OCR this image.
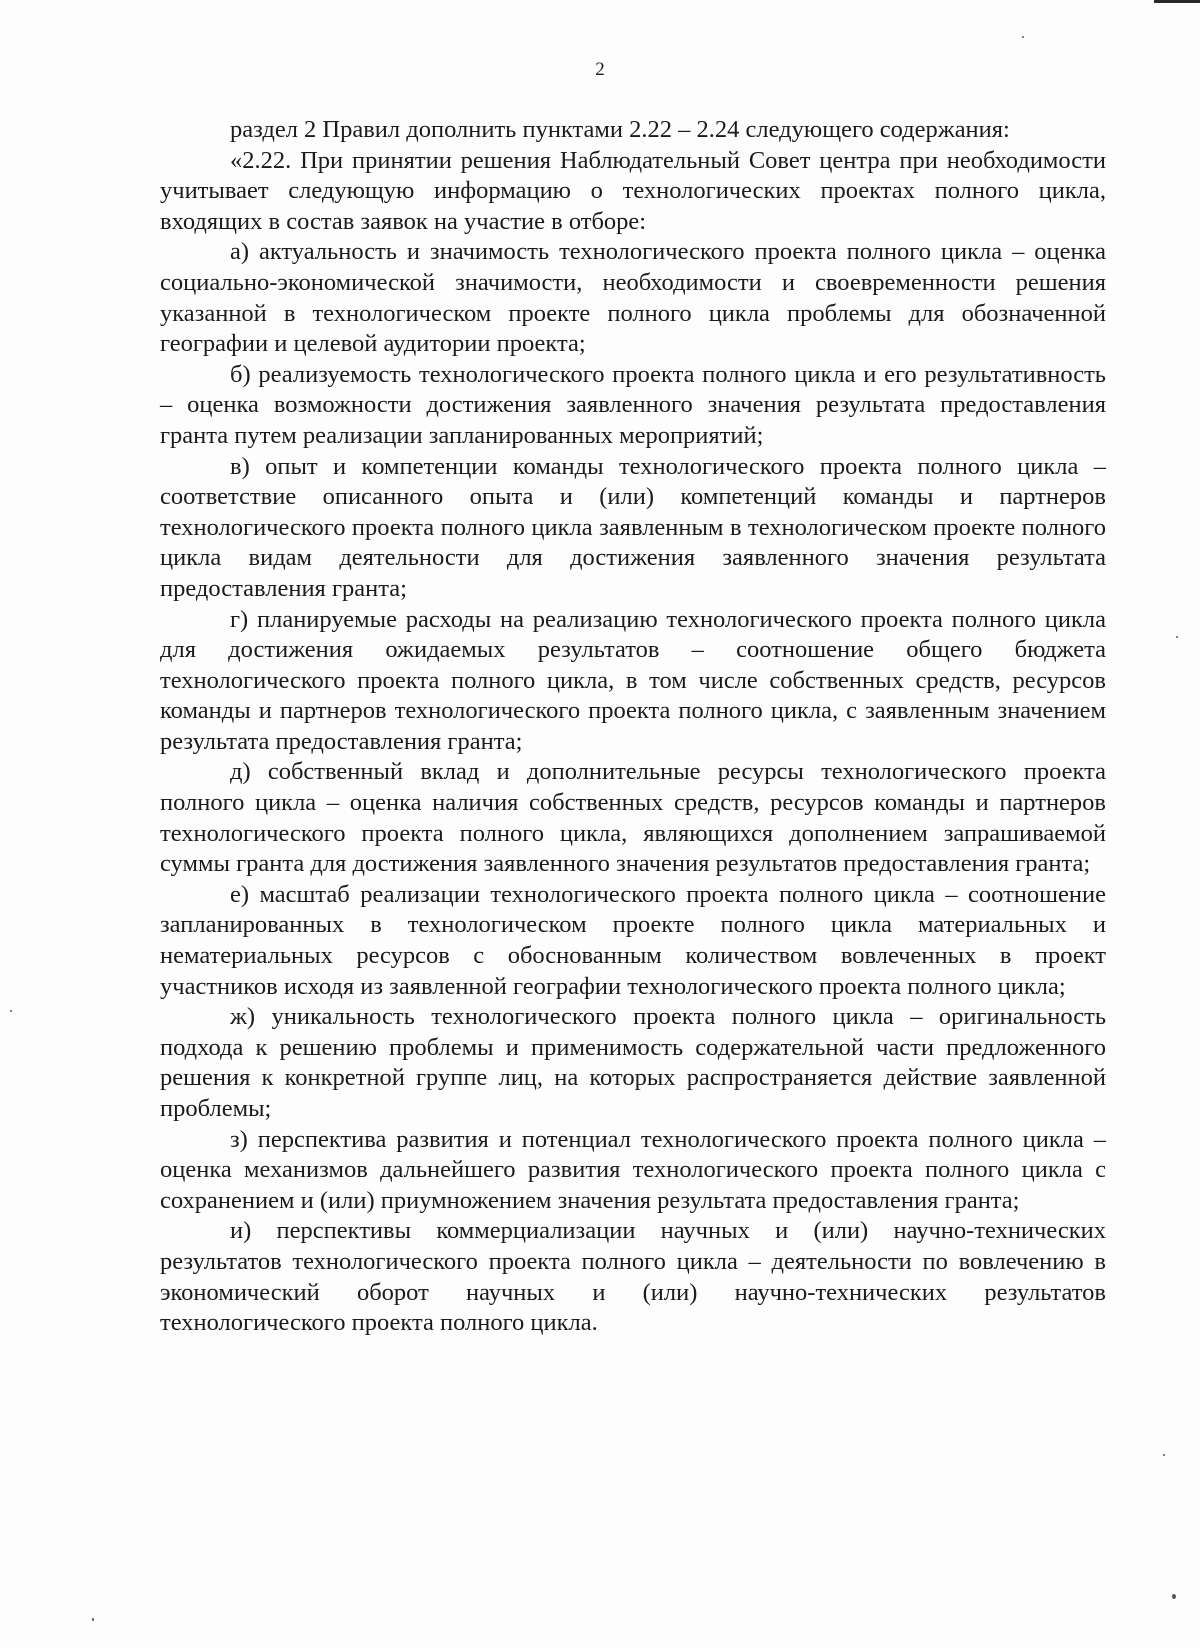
2

раздел 2 Правил дополнить пунктами 2.22 – 2.24 следующего содержания:

«2.22. При принятии решения Наблюдательный Совет центра при необходимости учитывает следующую информацию о технологических проектах полного цикла, входящих в состав заявок на участие в отборе:

а) актуальность и значимость технологического проекта полного цикла – оценка социально-экономической значимости, необходимости и своевременности решения указанной в технологическом проекте полного цикла проблемы для обозначенной географии и целевой аудитории проекта;

б) реализуемость технологического проекта полного цикла и его результативность – оценка возможности достижения заявленного значения результата предоставления гранта путем реализации запланированных мероприятий;

в) опыт и компетенции команды технологического проекта полного цикла – соответствие описанного опыта и (или) компетенций команды и партнеров технологического проекта полного цикла заявленным в технологическом проекте полного цикла видам деятельности для достижения заявленного значения результата предоставления гранта;

г) планируемые расходы на реализацию технологического проекта полного цикла для достижения ожидаемых результатов – соотношение общего бюджета технологического проекта полного цикла, в том числе собственных средств, ресурсов команды и партнеров технологического проекта полного цикла, с заявленным значением результата предоставления гранта;

д) собственный вклад и дополнительные ресурсы технологического проекта полного цикла – оценка наличия собственных средств, ресурсов команды и партнеров технологического проекта полного цикла, являющихся дополнением запрашиваемой суммы гранта для достижения заявленного значения результатов предоставления гранта;

е) масштаб реализации технологического проекта полного цикла – соотношение запланированных в технологическом проекте полного цикла материальных и нематериальных ресурсов с обоснованным количеством вовлеченных в проект участников исходя из заявленной географии технологического проекта полного цикла;

ж) уникальность технологического проекта полного цикла – оригинальность подхода к решению проблемы и применимость содержательной части предложенного решения к конкретной группе лиц, на которых распространяется действие заявленной проблемы;

з) перспектива развития и потенциал технологического проекта полного цикла – оценка механизмов дальнейшего развития технологического проекта полного цикла с сохранением и (или) приумножением значения результата предоставления гранта;

и) перспективы коммерциализации научных и (или) научно-технических результатов технологического проекта полного цикла – деятельности по вовлечению в экономический оборот научных и (или) научно-технических результатов технологического проекта полного цикла.
